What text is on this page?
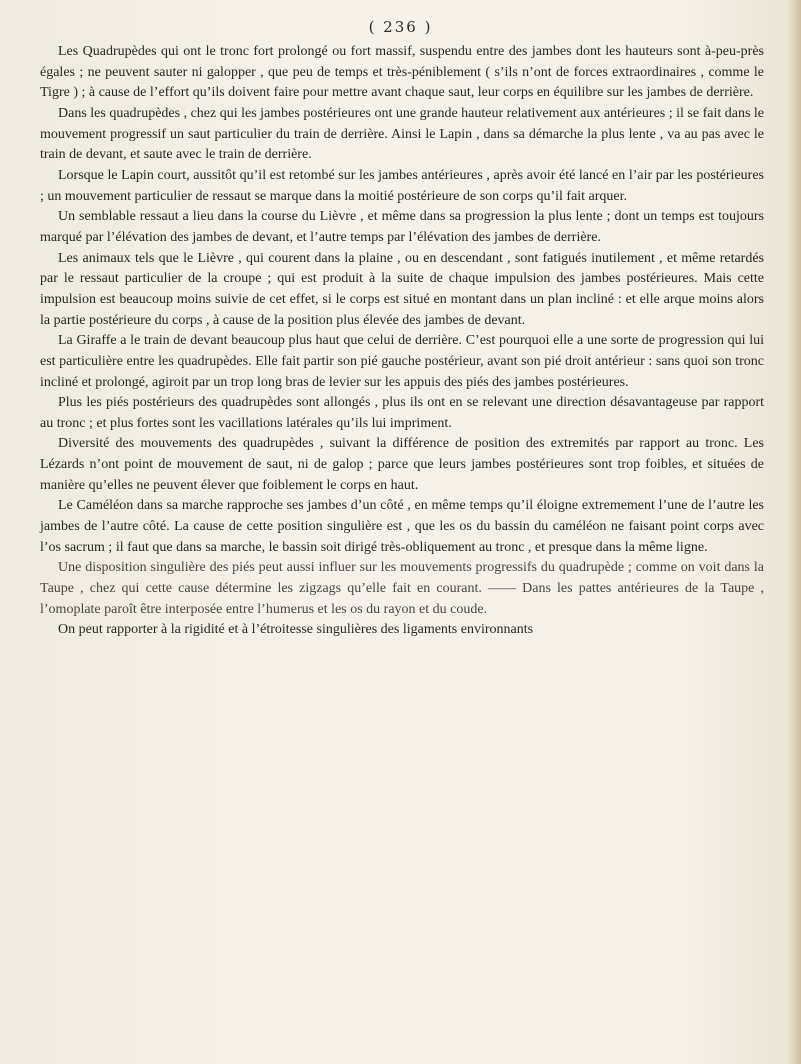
( 236 )

Les Quadrupèdes qui ont le tronc fort prolongé ou fort massif, suspendu entre des jambes dont les hauteurs sont à-peu-près égales ; ne peuvent sauter ni galopper , que peu de temps et très-péniblement ( s’ils n’ont de forces extraordinaires , comme le Tigre ) ; à cause de l’effort qu’ils doivent faire pour mettre avant chaque saut, leur corps en équilibre sur les jambes de derrière.

Dans les quadrupèdes , chez qui les jambes postérieures ont une grande hauteur relativement aux antérieures ; il se fait dans le mouvement progressif un saut particulier du train de derrière. Ainsi le Lapin , dans sa démarche la plus lente , va au pas avec le train de devant, et saute avec le train de derrière.

Lorsque le Lapin court, aussitôt qu’il est retombé sur les jambes antérieures , après avoir été lancé en l’air par les postérieures ; un mouvement particulier de ressaut se marque dans la moitié postérieure de son corps qu’il fait arquer.

Un semblable ressaut a lieu dans la course du Lièvre , et même dans sa progression la plus lente ; dont un temps est toujours marqué par l’élévation des jambes de devant, et l’autre temps par l’élévation des jambes de derrière.

Les animaux tels que le Lièvre , qui courent dans la plaine , ou en descendant , sont fatigués inutilement , et même retardés par le ressaut particulier de la croupe ; qui est produit à la suite de chaque impulsion des jambes postérieures. Mais cette impulsion est beaucoup moins suivie de cet effet, si le corps est situé en montant dans un plan incliné : et elle arque moins alors la partie postérieure du corps , à cause de la position plus élevée des jambes de devant.

La Giraffe a le train de devant beaucoup plus haut que celui de derrière. C’est pourquoi elle a une sorte de progression qui lui est particulière entre les quadrupèdes. Elle fait partir son pié gauche postérieur, avant son pié droit antérieur : sans quoi son tronc incliné et prolongé, agiroit par un trop long bras de levier sur les appuis des piés des jambes postérieures.

Plus les piés postérieurs des quadrupèdes sont allongés , plus ils ont en se relevant une direction désavantageuse par rapport au tronc ; et plus fortes sont les vacillations latérales qu’ils lui impriment.

Diversité des mouvements des quadrupèdes , suivant la différence de position des extremités par rapport au tronc. Les Lézards n’ont point de mouvement de saut, ni de galop ; parce que leurs jambes postérieures sont trop foibles, et situées de manière qu’elles ne peuvent élever que foiblement le corps en haut.

Le Caméléon dans sa marche rapproche ses jambes d’un côté , en même temps qu’il éloigne extremement l’une de l’autre les jambes de l’autre côté. La cause de cette position singulière est , que les os du bassin du caméléon ne faisant point corps avec l’os sacrum ; il faut que dans sa marche, le bassin soit dirigé très-obliquement au tronc , et presque dans la même ligne.

Une disposition singulière des piés peut aussi influer sur les mouvements progressifs du quadrupède ; comme on voit dans la Taupe , chez qui cette cause détermine les zigzags qu’elle fait en courant. —— Dans les pattes antérieures de la Taupe , l’omoplate paroît être interposée entre l’humerus et les os du rayon et du coude.

On peut rapporter à la rigidité et à l’étroitesse singulières des ligaments environnants
